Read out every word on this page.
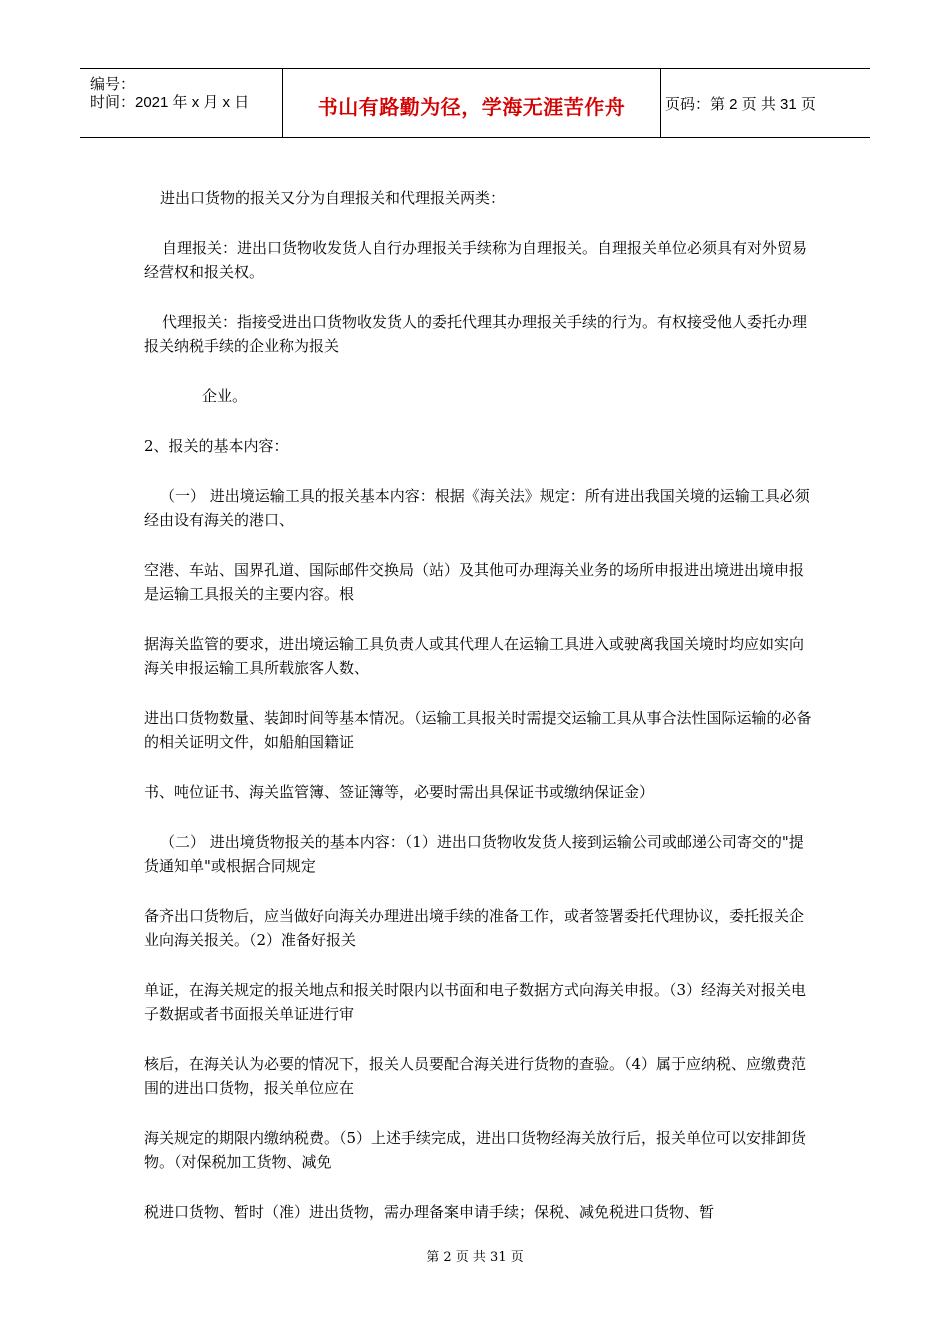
编号：
时间：2021 年 x 月 x 日	书山有路勤为径，学海无涯苦作舟	页码：第 2 页 共 31 页
进出口货物的报关又分为自理报关和代理报关两类：
自理报关：进出口货物收发货人自行办理报关手续称为自理报关。自理报关单位必须具有对外贸易经营权和报关权。
代理报关：指接受进出口货物收发货人的委托代理其办理报关手续的行为。有权接受他人委托办理报关纳税手续的企业称为报关
企业。
2、报关的基本内容：
（一） 进出境运输工具的报关基本内容：根据《海关法》规定：所有进出我国关境的运输工具必须经由设有海关的港口、
空港、车站、国界孔道、国际邮件交换局（站）及其他可办理海关业务的场所申报进出境进出境申报是运输工具报关的主要内容。根
据海关监管的要求，进出境运输工具负责人或其代理人在运输工具进入或驶离我国关境时均应如实向海关申报运输工具所载旅客人数、
进出口货物数量、装卸时间等基本情况。（运输工具报关时需提交运输工具从事合法性国际运输的必备的相关证明文件，如船舶国籍证
书、吨位证书、海关监管簿、签证簿等，必要时需出具保证书或缴纳保证金）
（二） 进出境货物报关的基本内容：（1）进出口货物收发货人接到运输公司或邮递公司寄交的"提货通知单"或根据合同规定
备齐出口货物后，应当做好向海关办理进出境手续的准备工作，或者签署委托代理协议，委托报关企业向海关报关。（2）准备好报关
单证，在海关规定的报关地点和报关时限内以书面和电子数据方式向海关申报。（3）经海关对报关电子数据或者书面报关单证进行审
核后，在海关认为必要的情况下，报关人员要配合海关进行货物的查验。（4）属于应纳税、应缴费范围的进出口货物，报关单位应在
海关规定的期限内缴纳税费。（5）上述手续完成，进出口货物经海关放行后，报关单位可以安排卸货物。（对保税加工货物、减免
税进口货物、暂时（准）进出货物，需办理备案申请手续；保税、减免税进口货物、暂
第 2 页 共 31 页
